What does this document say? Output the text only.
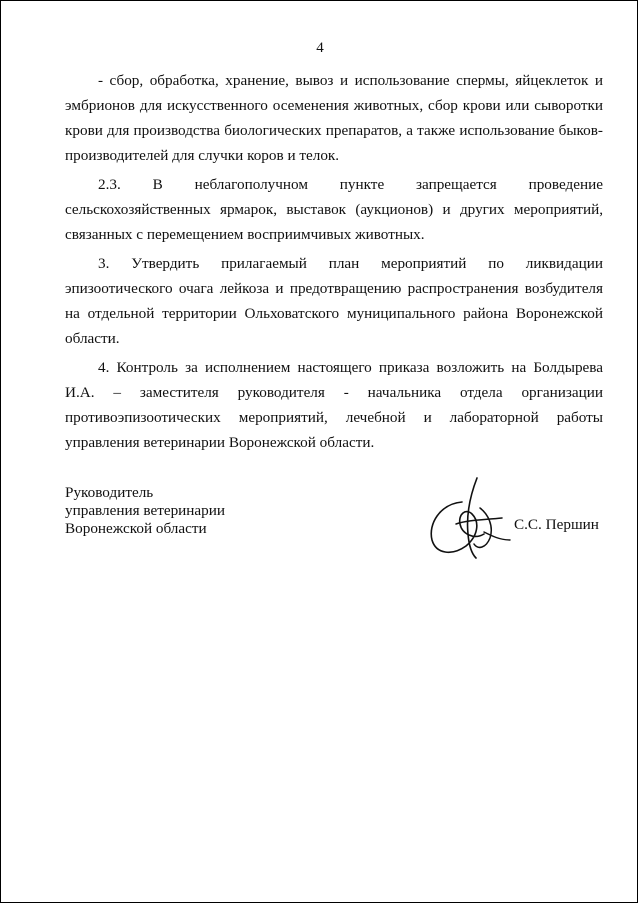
4

- сбор, обработка, хранение, вывоз и использование спермы, яйцеклеток и эмбрионов для искусственного осеменения животных, сбор крови или сыворотки крови для производства биологических препаратов, а также использование быков-производителей для случки коров и телок.

2.3. В неблагополучном пункте запрещается проведение сельскохозяйственных ярмарок, выставок (аукционов) и других мероприятий, связанных с перемещением восприимчивых животных.

3. Утвердить прилагаемый план мероприятий по ликвидации эпизоотического очага лейкоза и предотвращению распространения возбудителя на отдельной территории Ольховатского муниципального района Воронежской области.

4. Контроль за исполнением настоящего приказа возложить на Болдырева И.А. – заместителя руководителя - начальника отдела организации противоэпизоотических мероприятий, лечебной и лабораторной работы управления ветеринарии Воронежской области.

Руководитель
управления ветеринарии
Воронежской области	С.С. Першин
